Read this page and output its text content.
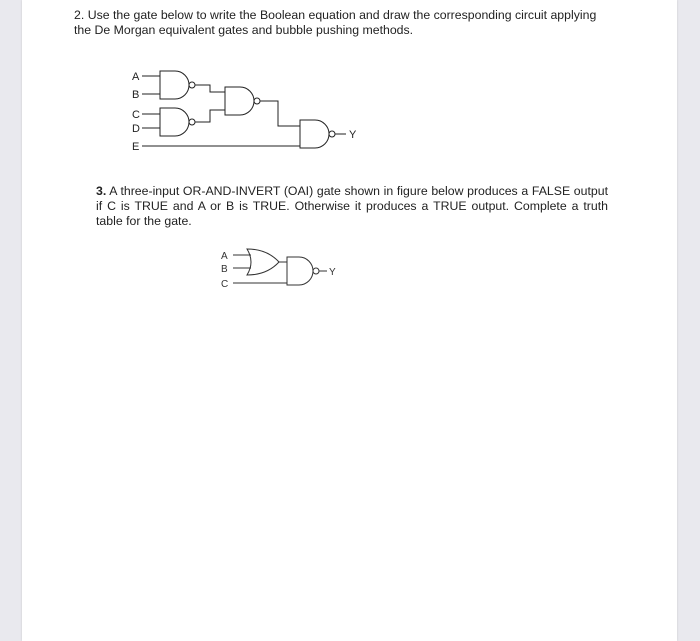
2. Use the gate below to write the Boolean equation and draw the corresponding circuit applying the De Morgan equivalent gates and bubble pushing methods.
A
B
C
D
E
Y
3. A three-input OR-AND-INVERT (OAI) gate shown in figure below produces a FALSE output if C is TRUE and A or B is TRUE. Otherwise it produces a TRUE output. Complete a truth table for the gate.
A
B
C
Y
